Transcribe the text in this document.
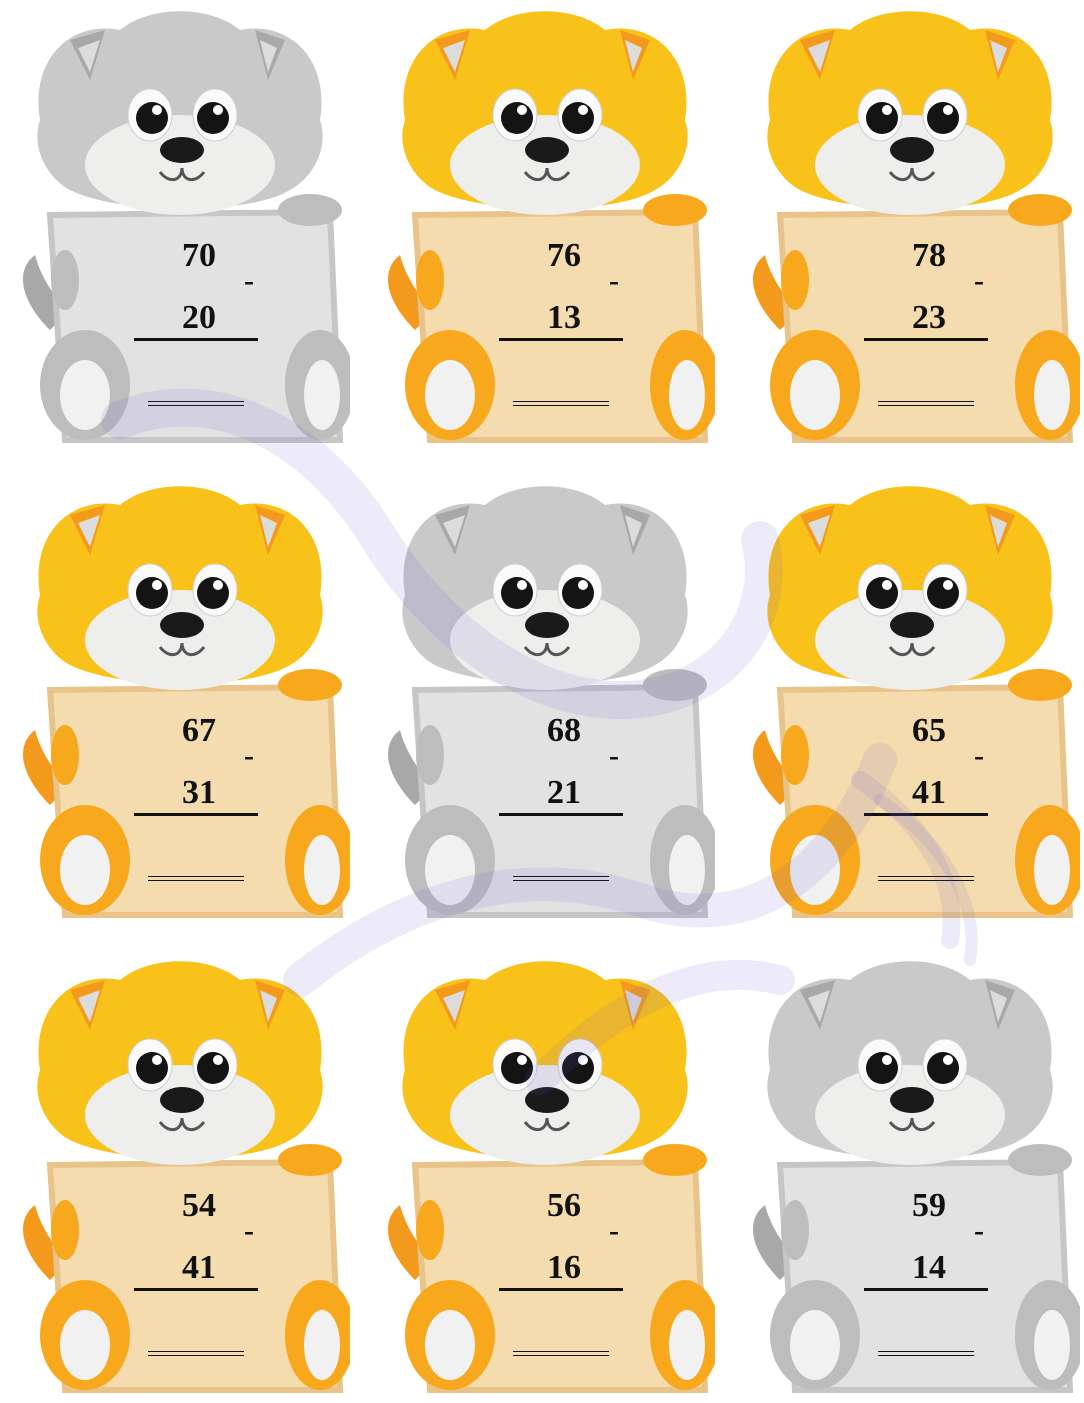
70
-
20
76
-
13
78
-
23
67
-
31
68
-
21
65
-
41
54
-
41
56
-
16
59
-
14
